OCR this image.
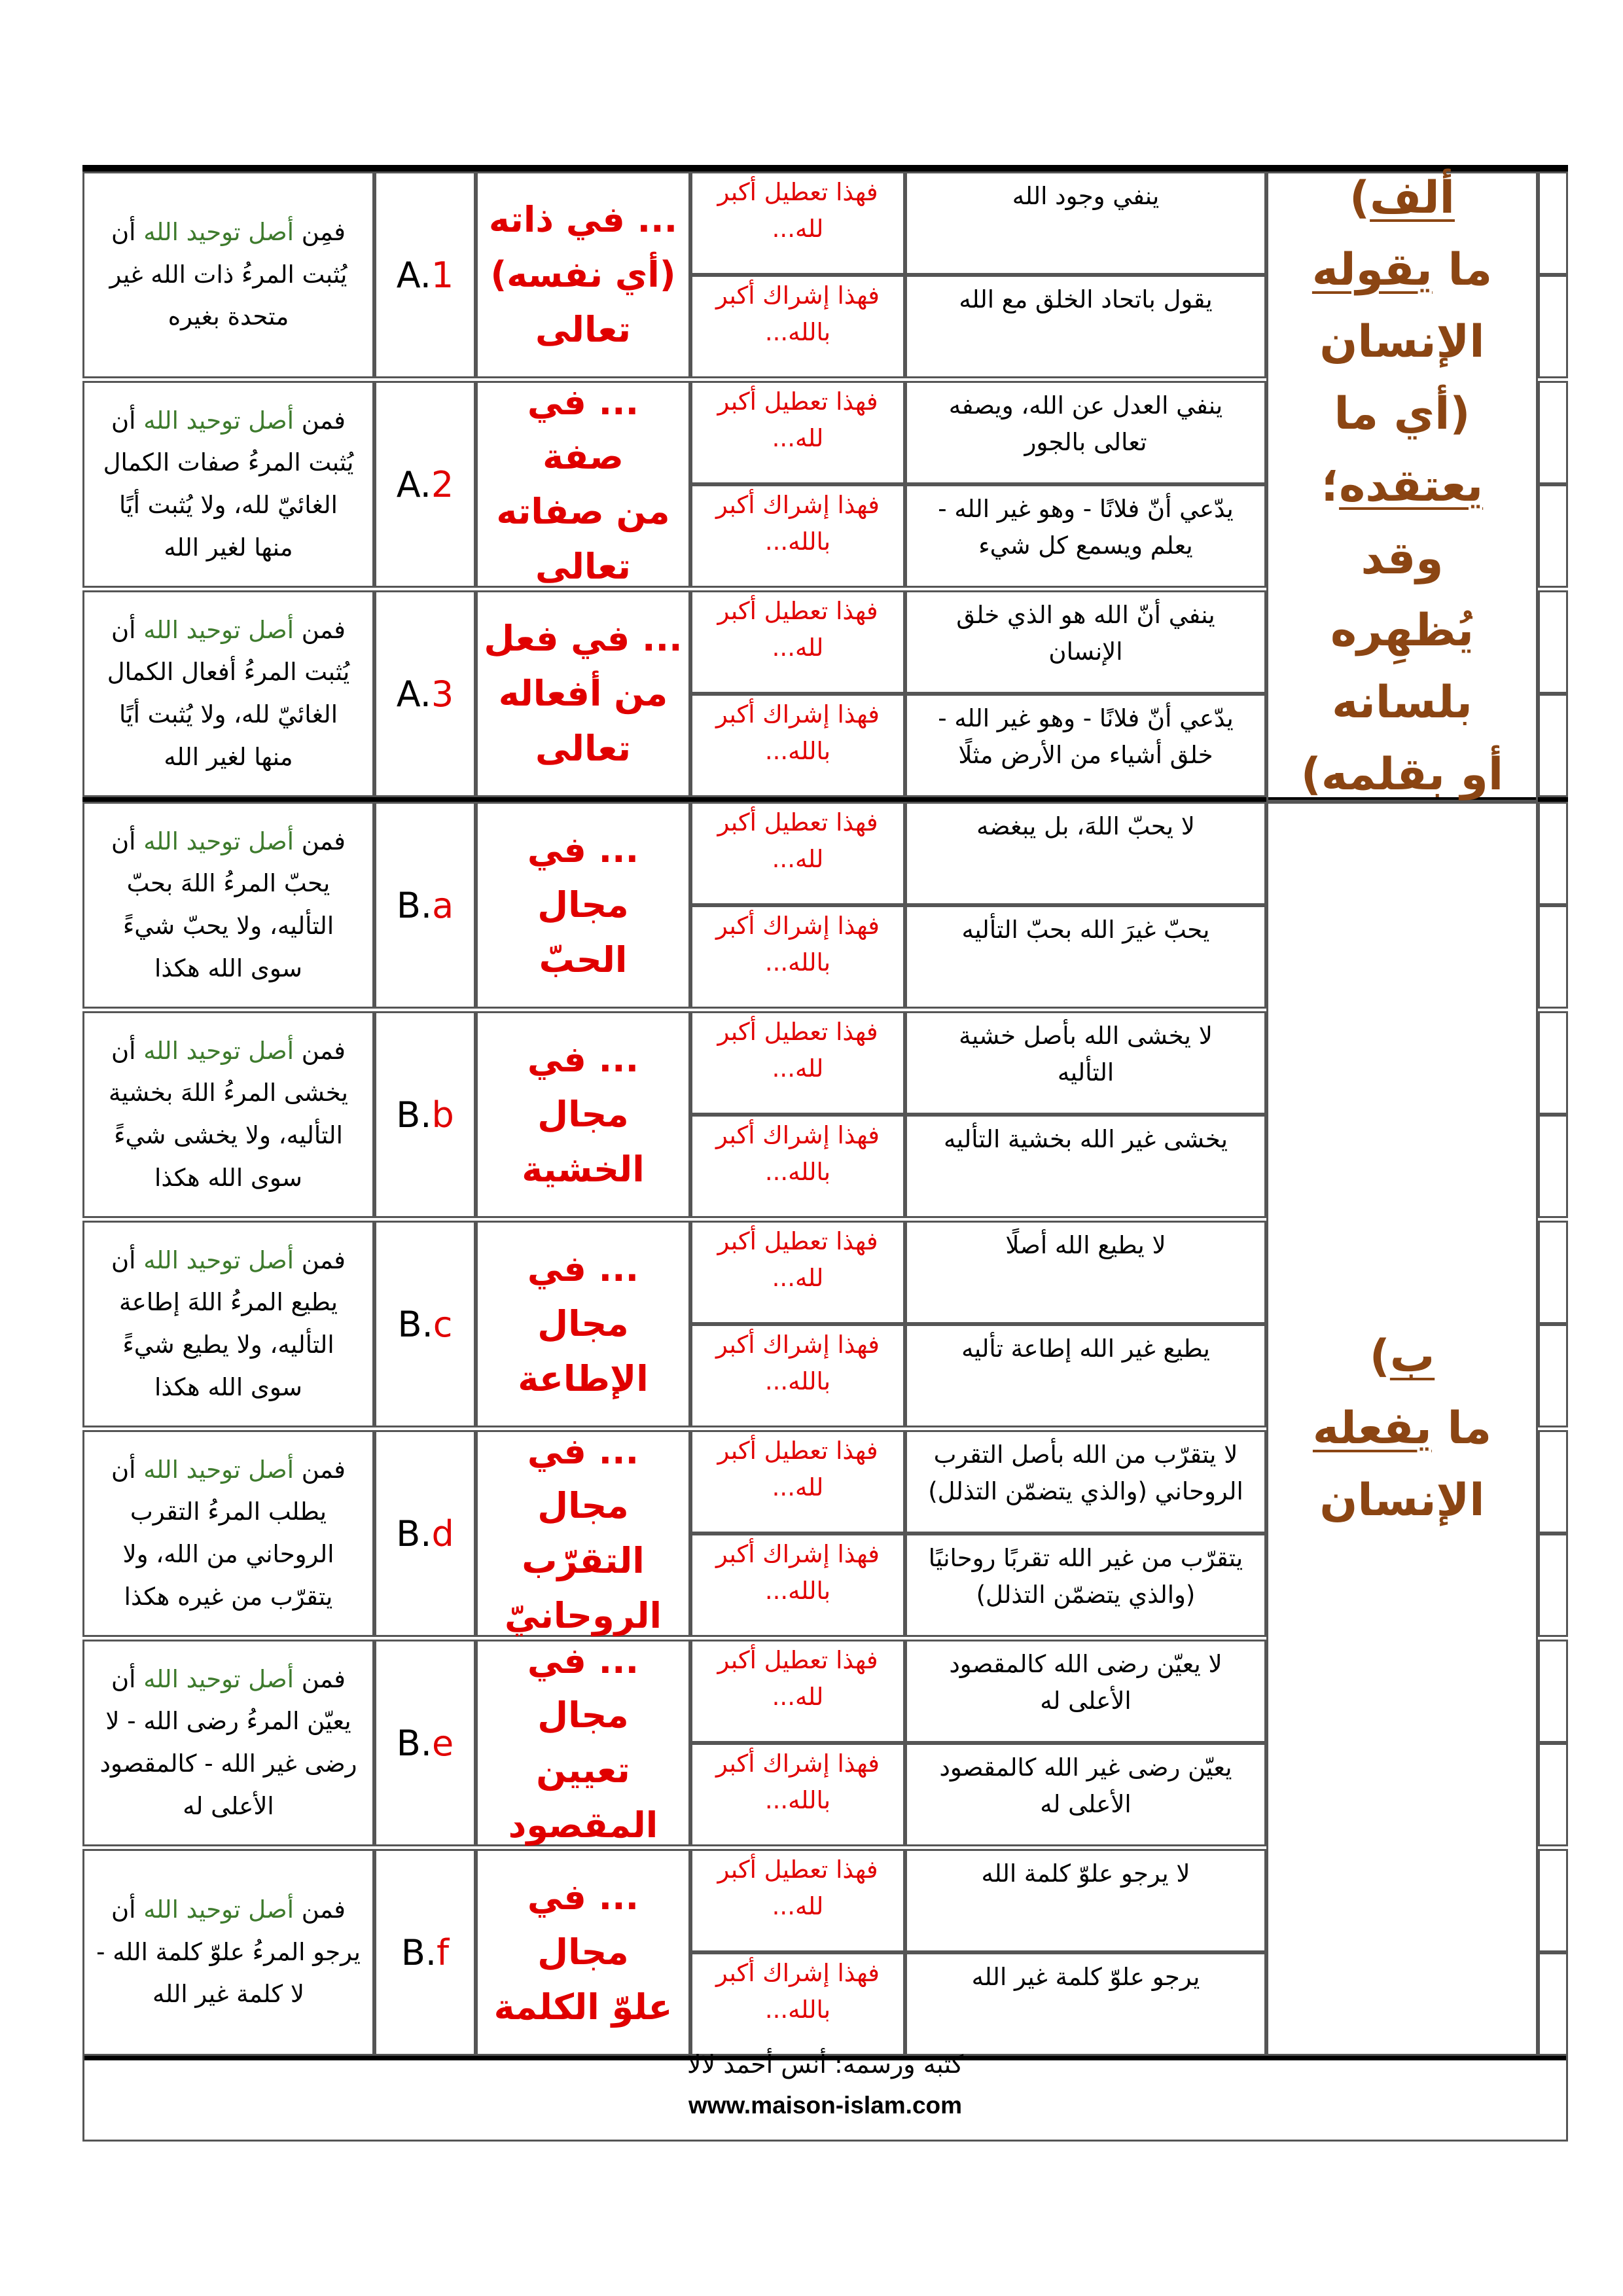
فمِن أصل توحيد الله أن
يُثبت المرءُ ذات الله غير
متحدة بغيره
A. 1
... في ذاته
(أي نفسه)
تعالى
فهذا تعطيل أكبر
لله...
ينفي وجود الله
فهذا إشراك أكبر
بالله...
يقول باتحاد الخلق مع الله
فمن أصل توحيد الله أن
يُثبت المرءُ صفات الكمال
الغائيّ لله، ولا يُثبت أيًا
منها لغير الله
A. 2
... في صفة
من صفاته
تعالى
فهذا تعطيل أكبر
لله...
ينفي العدل عن الله، ويصفه
تعالى بالجور
فهذا إشراك أكبر
بالله...
يدّعي أنّ فلانًا - وهو غير الله -
يعلم ويسمع كل شيء
فمن أصل توحيد الله أن
يُثبت المرءُ أفعال الكمال
الغائيّ لله، ولا يُثبت أيًا
منها لغير الله
A. 3
... في فعل
من أفعاله
تعالى
فهذا تعطيل أكبر
لله...
ينفي أنّ الله هو الذي خلق
الإنسان
فهذا إشراك أكبر
بالله...
يدّعي أنّ فلانًا - وهو غير الله -
خلق أشياء من الأرض مثلًا
ألف)
ما يقوله
الإنسان
(أي ما
يعتقده؛ وقد
يُظهِره بلسانه
أو بقلمه)
فمن أصل توحيد الله أن
يحبّ المرءُ اللهَ بحبّ
التأليه، ولا يحبّ شيءً
سوى الله هكذا
B. a
... في مجال
الحبّ
فهذا تعطيل أكبر
لله...
لا يحبّ اللهَ، بل يبغضه
فهذا إشراك أكبر
بالله...
يحبّ غيرَ الله بحبّ التأليه
فمن أصل توحيد الله أن
يخشى المرءُ اللهَ بخشية
التأليه، ولا يخشى شيءً
سوى الله هكذا
B. b
... في مجال
الخشية
فهذا تعطيل أكبر
لله...
لا يخشى الله بأصل خشية
التأليه
فهذا إشراك أكبر
بالله...
يخشى غير الله بخشية التأليه
فمن أصل توحيد الله أن
يطيع المرءُ اللهَ إطاعة
التأليه، ولا يطيع شيءً
سوى الله هكذا
B. c
... في مجال
الإطاعة
فهذا تعطيل أكبر
لله...
لا يطيع الله أصلًا
فهذا إشراك أكبر
بالله...
يطيع غير الله إطاعة تأليه
فمن أصل توحيد الله أن
يطلب المرءُ التقرب
الروحاني من الله، ولا
يتقرّب من غيره هكذا
B. d
... في مجال
التقرّب
الروحانيّ
فهذا تعطيل أكبر
لله...
لا يتقرّب من الله بأصل التقرب
الروحاني (والذي يتضمّن التذلل)
فهذا إشراك أكبر
بالله...
يتقرّب من غير الله تقربًا روحانيًا
(والذي يتضمّن التذلل)
فمن أصل توحيد الله أن
يعيّن المرءُ رضى الله - لا
رضى غير الله - كالمقصود
الأعلى له
B. e
... في مجال
تعيين
المقصود
فهذا تعطيل أكبر
لله...
لا يعيّن رضى الله كالمقصود
الأعلى له
فهذا إشراك أكبر
بالله...
يعيّن رضى غير الله كالمقصود
الأعلى له
فمن أصل توحيد الله أن
يرجو المرءُ علوّ كلمة الله -
لا كلمة غير الله
B. f
... في مجال
علوّ الكلمة
فهذا تعطيل أكبر
لله...
لا يرجو علوّ كلمة الله
فهذا إشراك أكبر
بالله...
يرجو علوّ كلمة غير الله
ب)
ما يفعله
الإنسان
كتبه ورسمه: أنس أحمد لالا
www.maison-islam.com
